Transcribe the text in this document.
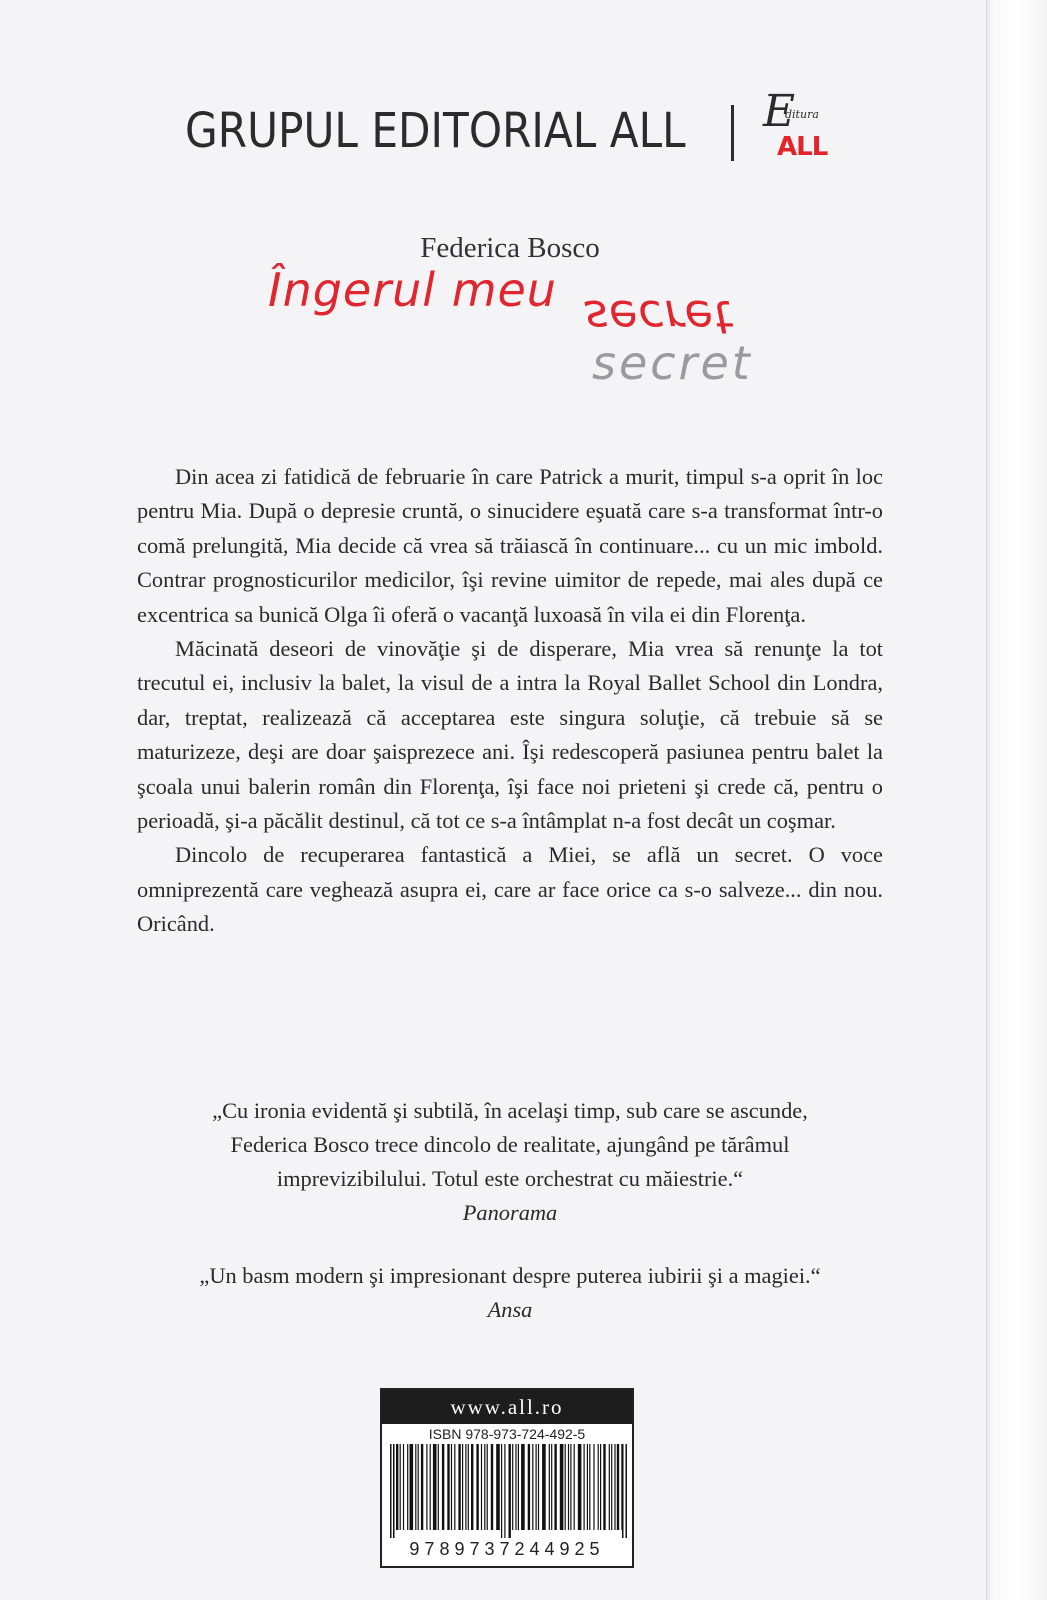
GRUPUL EDITORIAL ALL E
ditura
ALL
Federica Bosco
Îngerul meu secret
secret

Din acea zi fatidică de februarie în care Patrick a murit, timpul s-a oprit în loc pentru Mia. După o depresie cruntă, o sinucidere eşuată care s-a transformat într-o comă prelungită, Mia decide că vrea să trăiască în continuare... cu un mic imbold. Contrar prognosticurilor medicilor, îşi revine uimitor de repede, mai ales după ce excentrica sa bunică Olga îi oferă o vacanţă luxoasă în vila ei din Florenţa.

Măcinată deseori de vinovăţie şi de disperare, Mia vrea să renunţe la tot trecutul ei, inclusiv la balet, la visul de a intra la Royal Ballet School din Londra, dar, treptat, realizează că acceptarea este singura soluţie, că trebuie să se maturizeze, deşi are doar şaisprezece ani. Îşi redescoperă pasiunea pentru balet la şcoala unui balerin român din Florenţa, îşi face noi prieteni şi crede că, pentru o perioadă, şi-a păcălit destinul, că tot ce s-a întâmplat n-a fost decât un coşmar.

Dincolo de recuperarea fantastică a Miei, se află un secret. O voce omniprezentă care veghează asupra ei, care ar face orice ca s-o salveze... din nou. Oricând.

„Cu ironia evidentă şi subtilă, în acelaşi timp, sub care se ascunde,
Federica Bosco trece dincolo de realitate, ajungând pe tărâmul
imprevizibilului. Totul este orchestrat cu măiestrie.“
Panorama
„Un basm modern şi impresionant despre puterea iubirii şi a magiei.“
Ansa
www.all.ro
ISBN 978-973-724-492-5
9789737244925
